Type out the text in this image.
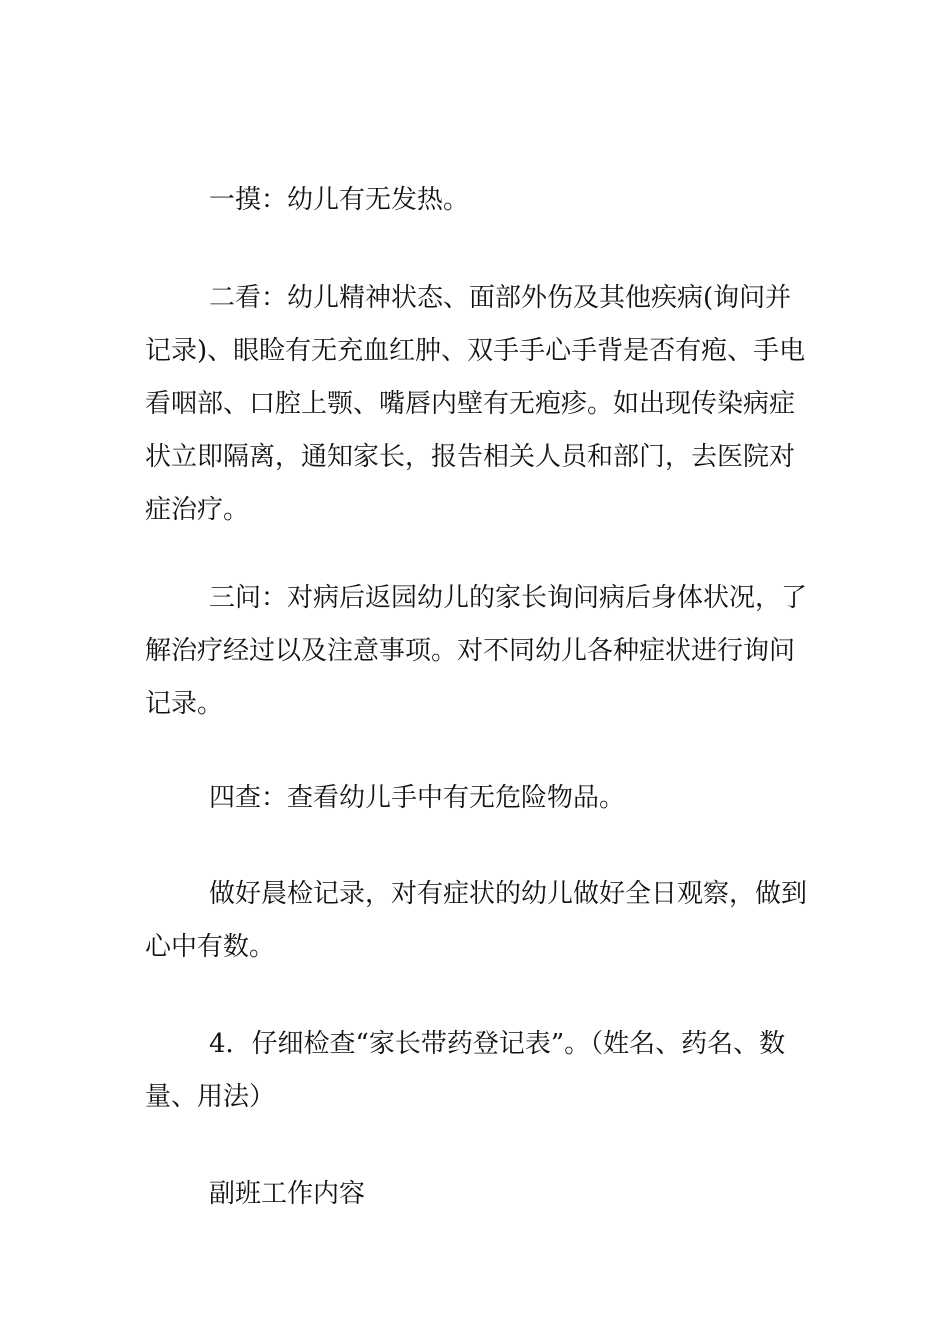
一摸：幼儿有无发热。

二看：幼儿精神状态、面部外伤及其他疾病(询问并记录)、眼睑有无充血红肿、双手手心手背是否有疱、手电看咽部、口腔上颚、嘴唇内壁有无疱疹。如出现传染病症状立即隔离，通知家长，报告相关人员和部门，去医院对症治疗。

三问：对病后返园幼儿的家长询问病后身体状况，了解治疗经过以及注意事项。对不同幼儿各种症状进行询问记录。

四查：查看幼儿手中有无危险物品。

做好晨检记录，对有症状的幼儿做好全日观察，做到心中有数。

4．仔细检查“家长带药登记表”。（姓名、药名、数量、用法）

副班工作内容
